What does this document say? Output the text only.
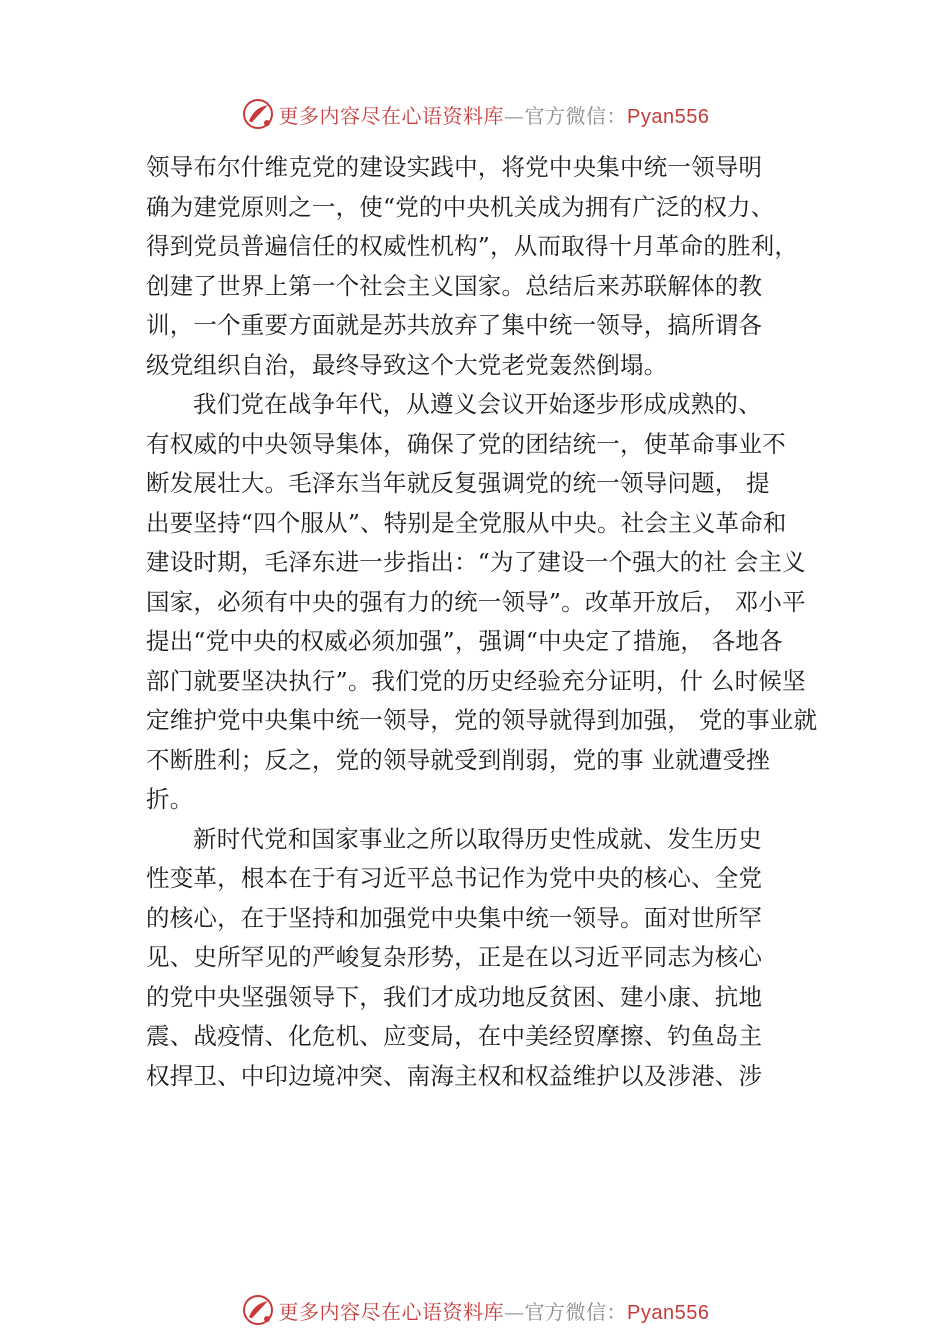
更多内容尽在心语资料库—官方微信：Pyan556
领导布尔什维克党的建设实践中，将党中央集中统一领导明
确为建党原则之一，使“党的中央机关成为拥有广泛的权力、
得到党员普遍信任的权威性机构”，从而取得十月革命的胜利，
创建了世界上第一个社会主义国家。总结后来苏联解体的教
训，一个重要方面就是苏共放弃了集中统一领导，搞所谓各
级党组织自治，最终导致这个大党老党轰然倒塌。
我们党在战争年代，从遵义会议开始逐步形成成熟的、
有权威的中央领导集体，确保了党的团结统一，使革命事业不
断发展壮大。毛泽东当年就反复强调党的统一领导问题， 提
出要坚持“四个服从”、特别是全党服从中央。社会主义革命和
建设时期，毛泽东进一步指出：“为了建设一个强大的社 会主义
国家，必须有中央的强有力的统一领导”。改革开放后， 邓小平
提出“党中央的权威必须加强”，强调“中央定了措施， 各地各
部门就要坚决执行”。我们党的历史经验充分证明，什 么时候坚
定维护党中央集中统一领导，党的领导就得到加强， 党的事业就
不断胜利；反之，党的领导就受到削弱，党的事 业就遭受挫
折。
新时代党和国家事业之所以取得历史性成就、发生历史
性变革，根本在于有习近平总书记作为党中央的核心、全党
的核心，在于坚持和加强党中央集中统一领导。面对世所罕
见、史所罕见的严峻复杂形势，正是在以习近平同志为核心
的党中央坚强领导下，我们才成功地反贫困、建小康、抗地
震、战疫情、化危机、应变局，在中美经贸摩擦、钓鱼岛主
权捍卫、中印边境冲突、南海主权和权益维护以及涉港、涉
更多内容尽在心语资料库—官方微信：Pyan556
